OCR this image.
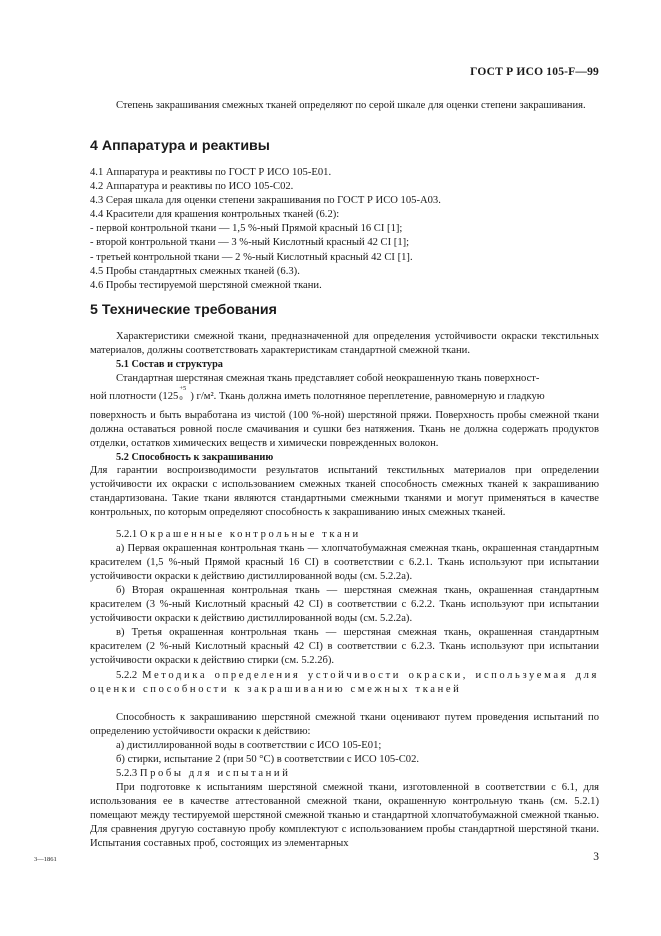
ГОСТ Р ИСО 105-F—99

Степень закрашивания смежных тканей определяют по серой шкале для оценки степени закрашивания.

4 Аппаратура и реактивы
4.1 Аппаратура и реактивы по ГОСТ Р ИСО 105-Е01.
4.2 Аппаратура и реактивы по ИСО 105-С02.
4.3 Серая шкала для оценки степени закрашивания по ГОСТ Р ИСО 105-А03.
4.4 Красители для крашения контрольных тканей (6.2):
- первой контрольной ткани — 1,5 %-ный Прямой красный 16 CI [1];
- второй контрольной ткани — 3 %-ный Кислотный красный 42 CI [1];
- третьей контрольной ткани — 2 %-ный Кислотный красный 42 CI [1].
4.5 Пробы стандартных смежных тканей (6.3).
4.6 Пробы тестируемой шерстяной смежной ткани.
5 Технические требования

Характеристики смежной ткани, предназначенной для определения устойчивости окраски текстильных материалов, должны соответствовать характеристикам стандартной смежной ткани.

5.1 Состав и структура

Стандартная шерстяная смежная ткань представляет собой неокрашенную ткань поверхност-

ной плотности (125
+5
0 ) г/м². Ткань должна иметь полотняное переплетение, равномерную и гладкую

поверхность и быть выработана из чистой (100 %-ной) шерстяной пряжи. Поверхность пробы смежной ткани должна оставаться ровной после смачивания и сушки без натяжения. Ткань не должна содержать продуктов отделки, остатков химических веществ и химически поврежденных волокон.

5.2 Способность к закрашиванию

Для гарантии воспроизводимости результатов испытаний текстильных материалов при определении устойчивости их окраски с использованием смежных тканей способность смежных тканей к закрашиванию стандартизована. Такие ткани являются стандартными смежными тканями и могут применяться в качестве контрольных, по которым определяют способность к закрашиванию иных смежных тканей.

5.2.1 Окрашенные контрольные ткани

а) Первая окрашенная контрольная ткань — хлопчатобумажная смежная ткань, окрашенная стандартным красителем (1,5 %-ный Прямой красный 16 CI) в соответствии с 6.2.1. Ткань используют при испытании устойчивости окраски к действию дистиллированной воды (см. 5.2.2а).

б) Вторая окрашенная контрольная ткань — шерстяная смежная ткань, окрашенная стандартным красителем (3 %-ный Кислотный красный 42 CI) в соответствии с 6.2.2. Ткань используют при испытании устойчивости окраски к действию дистиллированной воды (см. 5.2.2а).

в) Третья окрашенная контрольная ткань — шерстяная смежная ткань, окрашенная стандартным красителем (2 %-ный Кислотный красный 42 CI) в соответствии с 6.2.3. Ткань используют при испытании устойчивости окраски к действию стирки (см. 5.2.2б).

5.2.2 Методика определения устойчивости окраски, используемая для оценки способности к закрашиванию смежных тканей

Способность к закрашиванию шерстяной смежной ткани оценивают путем проведения испытаний по определению устойчивости окраски к действию:

а) дистиллированной воды в соответствии с ИСО 105-Е01;

б) стирки, испытание 2 (при 50 °C) в соответствии с ИСО 105-С02.

5.2.3 Пробы для испытаний

При подготовке к испытаниям шерстяной смежной ткани, изготовленной в соответствии с 6.1, для использования ее в качестве аттестованной смежной ткани, окрашенную контрольную ткань (см. 5.2.1) помещают между тестируемой шерстяной смежной тканью и стандартной хлопчатобумажной смежной тканью. Для сравнения другую составную пробу комплектуют с использованием пробы стандартной шерстяной ткани. Испытания составных проб, состоящих из элементарных

3—1861	3
